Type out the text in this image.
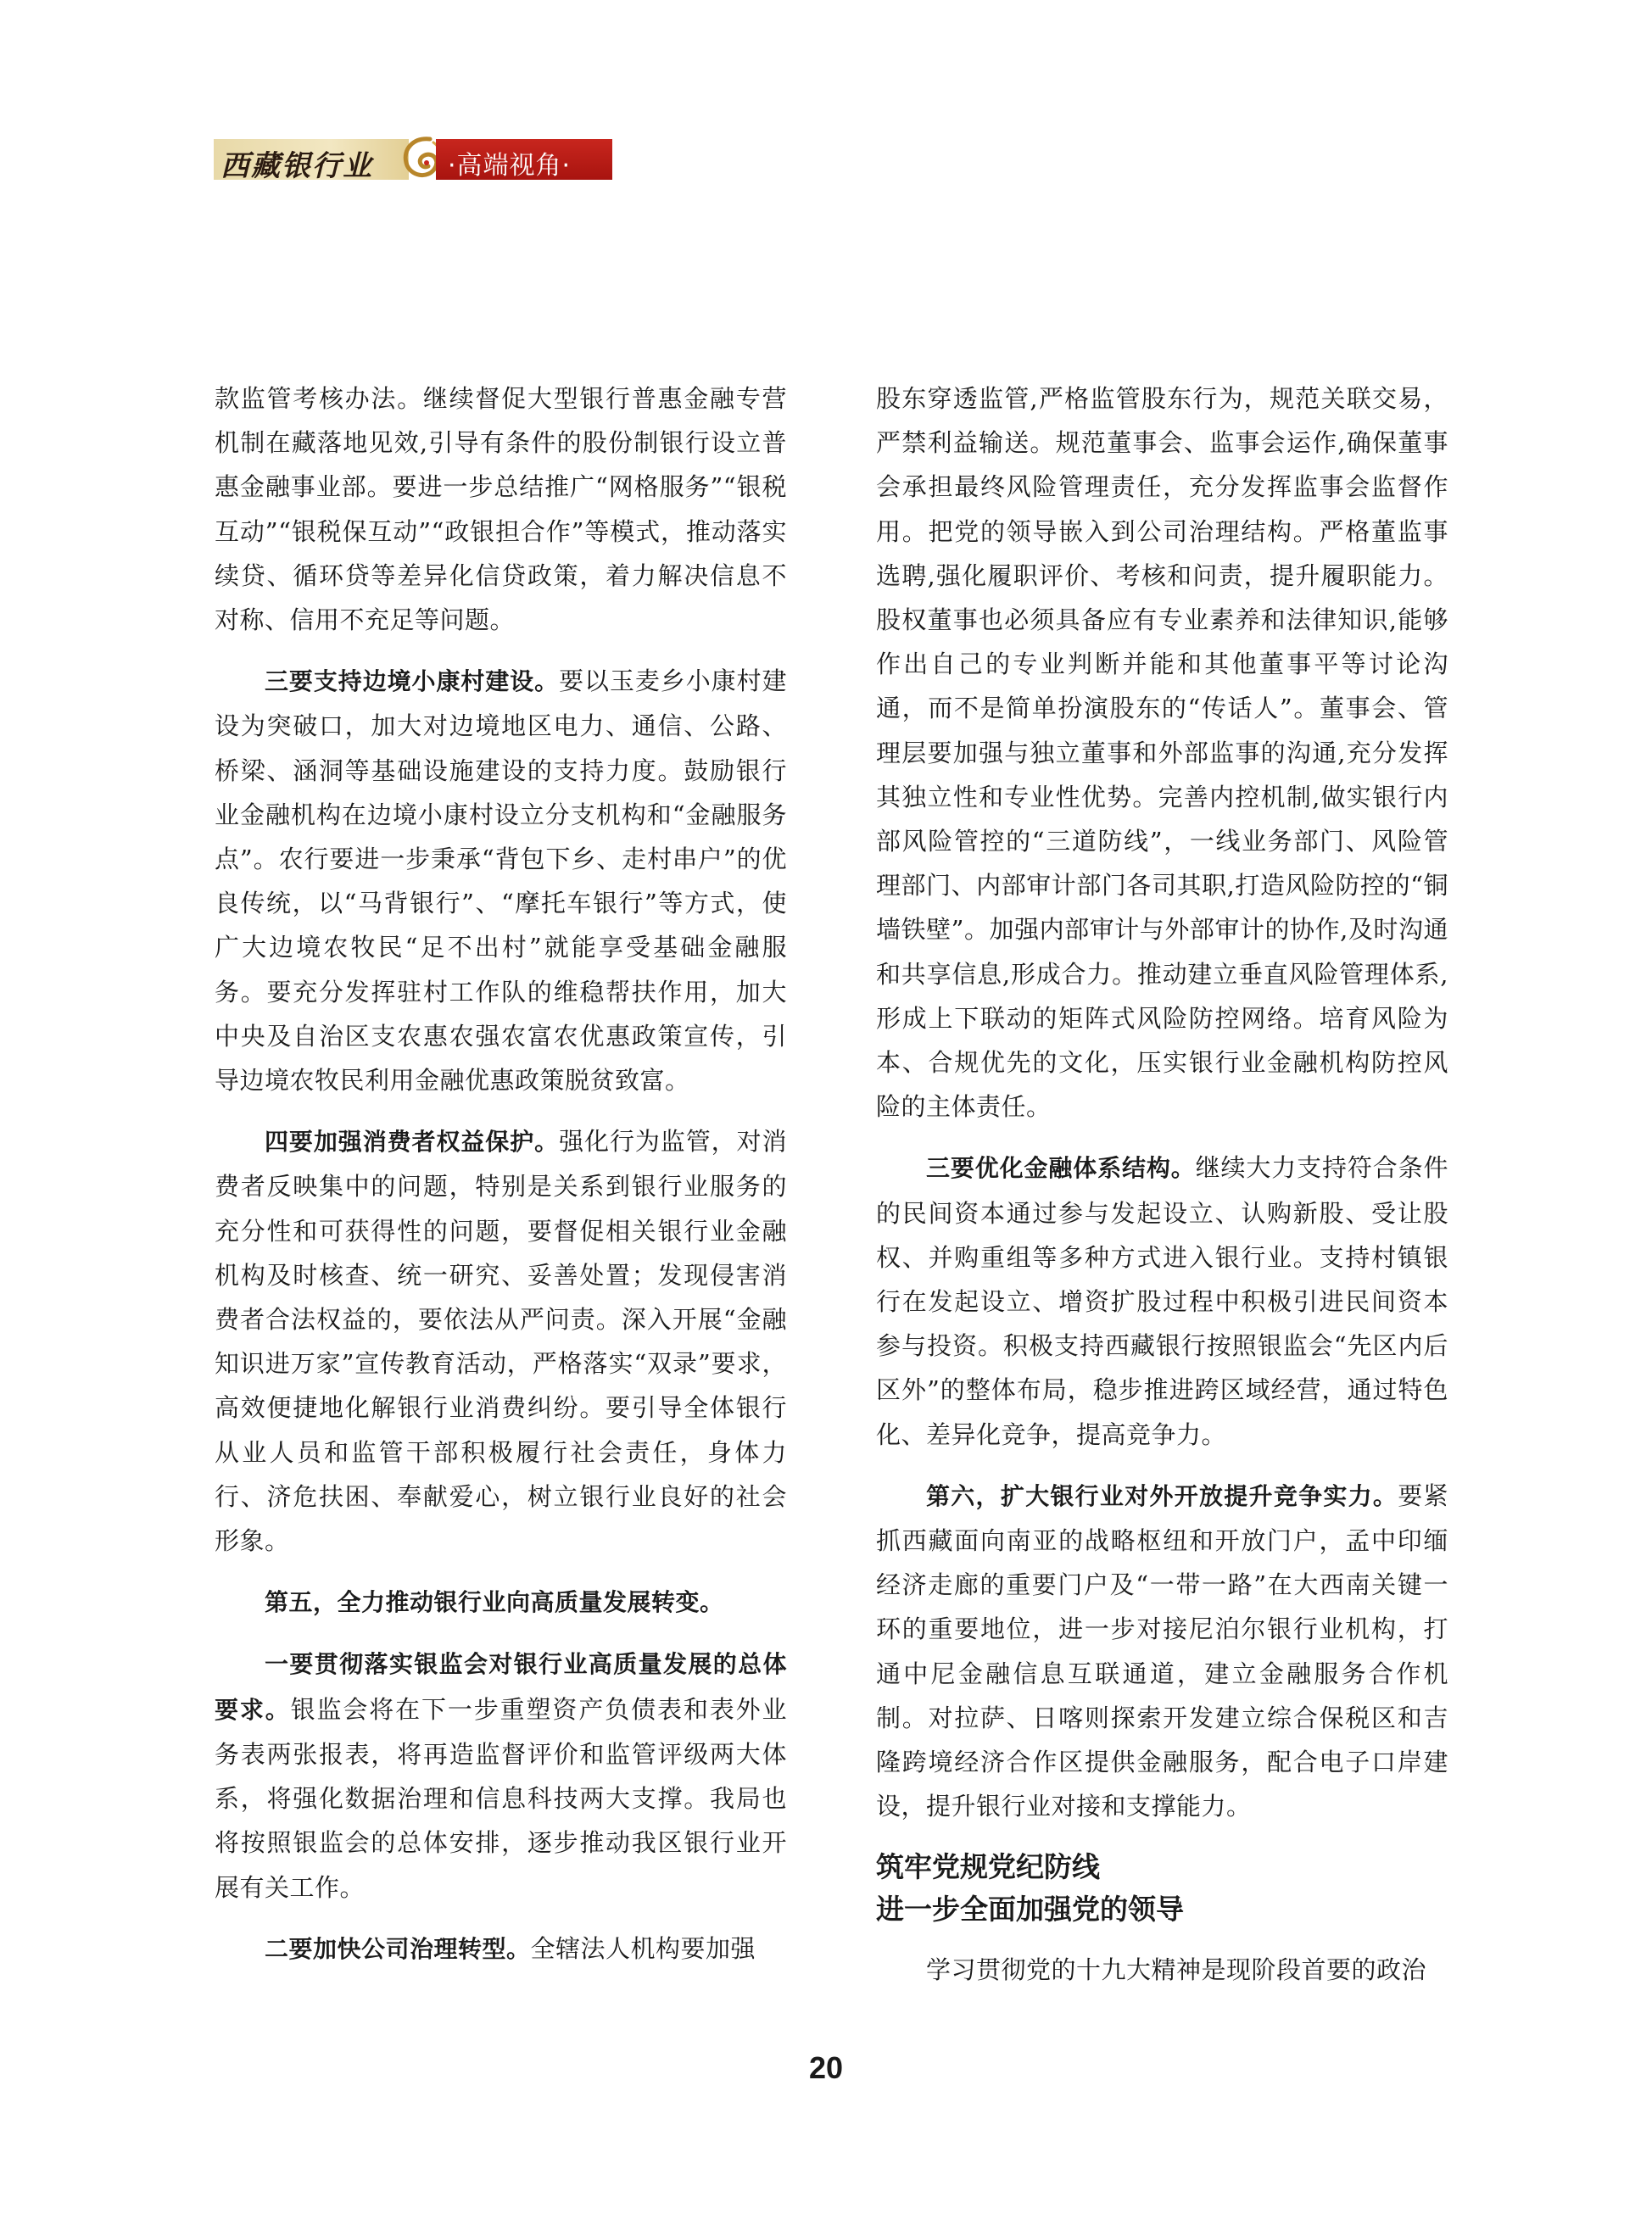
西藏银行业	·高端视角·

款监管考核办法。继续督促大型银行普惠金融专营机制在藏落地见效,引导有条件的股份制银行设立普惠金融事业部。要进一步总结推广“网格服务”“银税互动”“银税保互动”“政银担合作”等模式，推动落实续贷、循环贷等差异化信贷政策，着力解决信息不对称、信用不充足等问题。

三要支持边境小康村建设。要以玉麦乡小康村建设为突破口，加大对边境地区电力、通信、公路、桥梁、涵洞等基础设施建设的支持力度。鼓励银行业金融机构在边境小康村设立分支机构和“金融服务点”。农行要进一步秉承“背包下乡、走村串户”的优良传统，以“马背银行”、“摩托车银行”等方式，使广大边境农牧民“足不出村”就能享受基础金融服务。要充分发挥驻村工作队的维稳帮扶作用，加大中央及自治区支农惠农强农富农优惠政策宣传，引导边境农牧民利用金融优惠政策脱贫致富。

四要加强消费者权益保护。强化行为监管，对消费者反映集中的问题，特别是关系到银行业服务的充分性和可获得性的问题，要督促相关银行业金融机构及时核查、统一研究、妥善处置；发现侵害消费者合法权益的，要依法从严问责。深入开展“金融知识进万家”宣传教育活动，严格落实“双录”要求，高效便捷地化解银行业消费纠纷。要引导全体银行从业人员和监管干部积极履行社会责任，身体力行、济危扶困、奉献爱心，树立银行业良好的社会形象。

第五，全力推动银行业向高质量发展转变。

一要贯彻落实银监会对银行业高质量发展的总体要求。银监会将在下一步重塑资产负债表和表外业务表两张报表，将再造监督评价和监管评级两大体系，将强化数据治理和信息科技两大支撑。我局也将按照银监会的总体安排，逐步推动我区银行业开展有关工作。

二要加快公司治理转型。全辖法人机构要加强

股东穿透监管,严格监管股东行为，规范关联交易，严禁利益输送。规范董事会、监事会运作,确保董事会承担最终风险管理责任，充分发挥监事会监督作用。把党的领导嵌入到公司治理结构。严格董监事选聘,强化履职评价、考核和问责，提升履职能力。股权董事也必须具备应有专业素养和法律知识,能够作出自己的专业判断并能和其他董事平等讨论沟通，而不是简单扮演股东的“传话人”。董事会、管理层要加强与独立董事和外部监事的沟通,充分发挥其独立性和专业性优势。完善内控机制,做实银行内部风险管控的“三道防线”，一线业务部门、风险管理部门、内部审计部门各司其职,打造风险防控的“铜墙铁壁”。加强内部审计与外部审计的协作,及时沟通和共享信息,形成合力。推动建立垂直风险管理体系,形成上下联动的矩阵式风险防控网络。培育风险为本、合规优先的文化，压实银行业金融机构防控风险的主体责任。

三要优化金融体系结构。继续大力支持符合条件的民间资本通过参与发起设立、认购新股、受让股权、并购重组等多种方式进入银行业。支持村镇银行在发起设立、增资扩股过程中积极引进民间资本参与投资。积极支持西藏银行按照银监会“先区内后区外”的整体布局，稳步推进跨区域经营，通过特色化、差异化竞争，提高竞争力。

第六，扩大银行业对外开放提升竞争实力。要紧抓西藏面向南亚的战略枢纽和开放门户，孟中印缅经济走廊的重要门户及“一带一路”在大西南关键一环的重要地位，进一步对接尼泊尔银行业机构，打通中尼金融信息互联通道，建立金融服务合作机制。对拉萨、日喀则探索开发建立综合保税区和吉隆跨境经济合作区提供金融服务，配合电子口岸建设，提升银行业对接和支撑能力。

筑牢党规党纪防线
进一步全面加强党的领导

学习贯彻党的十九大精神是现阶段首要的政治

20
